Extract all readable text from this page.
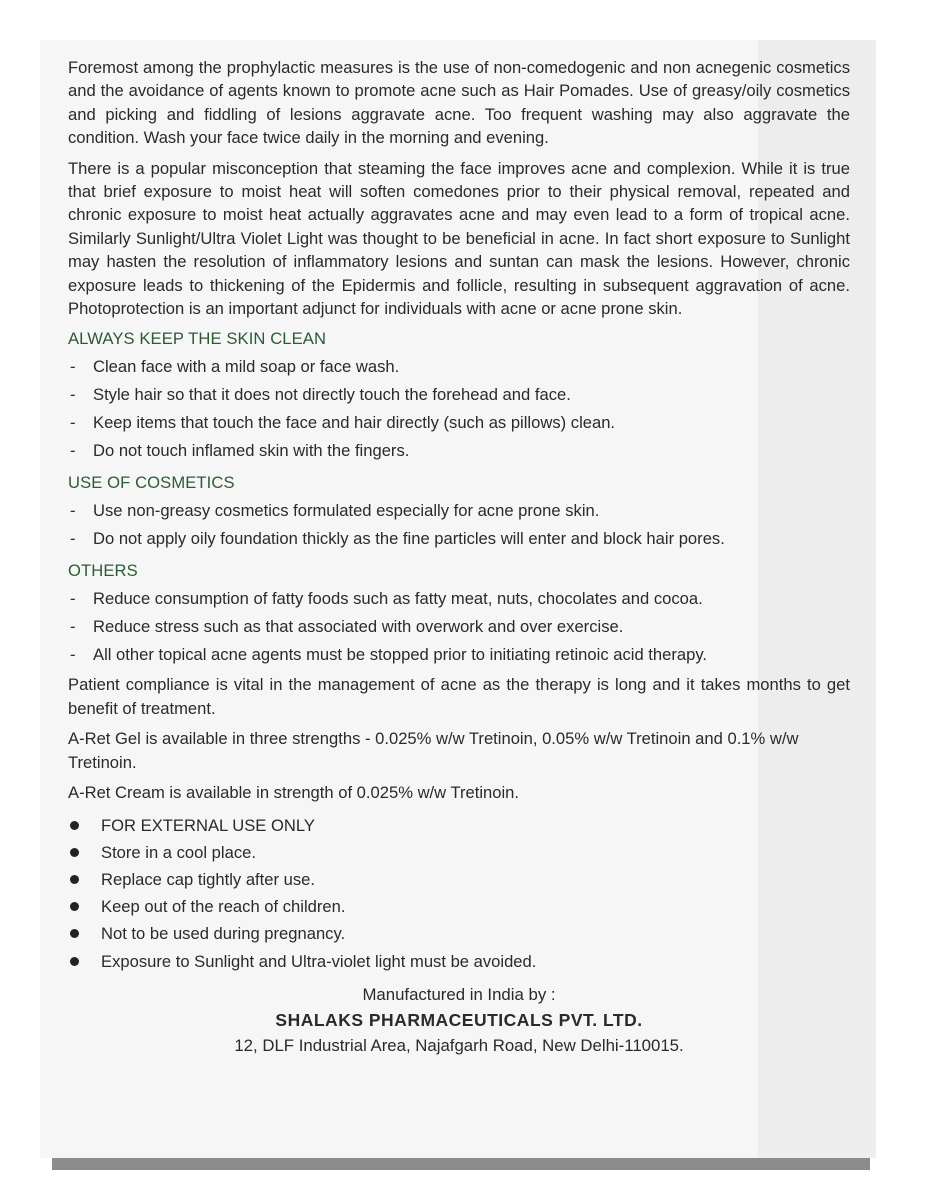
Foremost among the prophylactic measures is the use of non-comedogenic and non acnegenic cosmetics and the avoidance of agents known to promote acne such as Hair Pomades. Use of greasy/oily cosmetics and picking and fiddling of lesions aggravate acne. Too frequent washing may also aggravate the condition. Wash your face twice daily in the morning and evening.

There is a popular misconception that steaming the face improves acne and complexion. While it is true that brief exposure to moist heat will soften comedones prior to their physical removal, repeated and chronic exposure to moist heat actually aggravates acne and may even lead to a form of tropical acne. Similarly Sunlight/Ultra Violet Light was thought to be beneficial in acne. In fact short exposure to Sunlight may hasten the resolution of inflammatory lesions and suntan can mask the lesions. However, chronic exposure leads to thickening of the Epidermis and follicle, resulting in subsequent aggravation of acne. Photoprotection is an important adjunct for individuals with acne or acne prone skin.

ALWAYS KEEP THE SKIN CLEAN
- Clean face with a mild soap or face wash.
- Style hair so that it does not directly touch the forehead and face.
- Keep items that touch the face and hair directly (such as pillows) clean.
- Do not touch inflamed skin with the fingers.
USE OF COSMETICS
- Use non-greasy cosmetics formulated especially for acne prone skin.
- Do not apply oily foundation thickly as the fine particles will enter and block hair pores.
OTHERS
- Reduce consumption of fatty foods such as fatty meat, nuts, chocolates and cocoa.
- Reduce stress such as that associated with overwork and over exercise.
- All other topical acne agents must be stopped prior to initiating retinoic acid therapy.

Patient compliance is vital in the management of acne as the therapy is long and it takes months to get benefit of treatment.

A-Ret Gel is available in three strengths - 0.025% w/w Tretinoin, 0.05% w/w Tretinoin and 0.1% w/w Tretinoin.

A-Ret Cream is available in strength of 0.025% w/w Tretinoin.

FOR EXTERNAL USE ONLY
Store in a cool place.
Replace cap tightly after use.
Keep out of the reach of children.
Not to be used during pregnancy.
Exposure to Sunlight and Ultra-violet light must be avoided.
Manufactured in India by :
SHALAKS PHARMACEUTICALS PVT. LTD.
12, DLF Industrial Area, Najafgarh Road, New Delhi-110015.
